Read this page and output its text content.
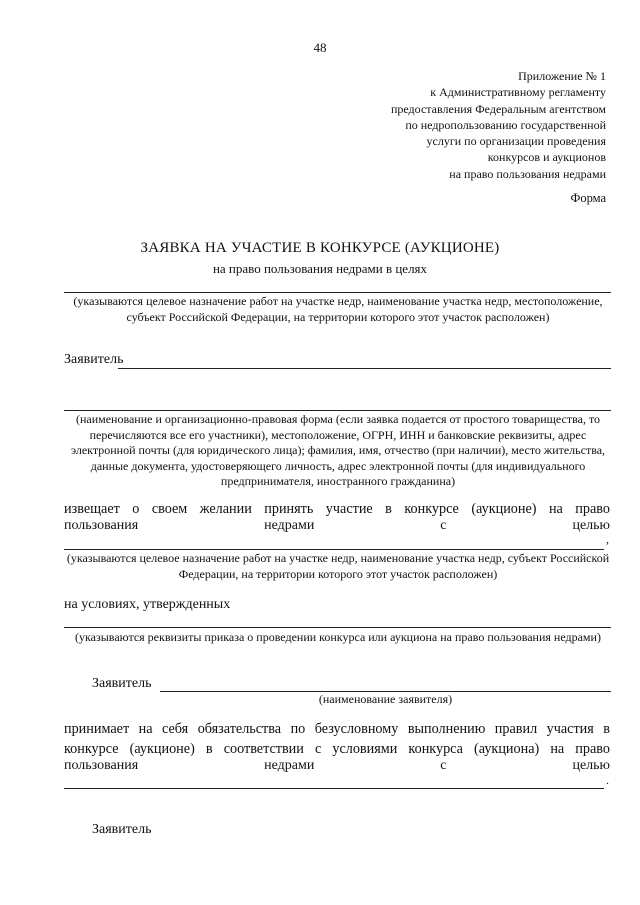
48

Приложение № 1
к Административному регламенту
предоставления Федеральным агентством
по недропользованию государственной
услуги по организации проведения
конкурсов и аукционов
на право пользования недрами

Форма

ЗАЯВКА НА УЧАСТИЕ В КОНКУРСЕ (АУКЦИОНЕ)

на право пользования недрами в целях

(указываются целевое назначение работ на участке недр, наименование участка недр, местоположение, субъект Российской Федерации, на территории которого этот участок расположен)

Заявитель

(наименование и организационно-правовая форма (если заявка подается от простого товарищества, то перечисляются все его участники), местоположение, ОГРН, ИНН и банковские реквизиты, адрес электронной почты (для юридического лица); фамилия, имя, отчество (при наличии), место жительства, данные документа, удостоверяющего личность, адрес электронной почты (для индивидуального предпринимателя, иностранного гражданина)

извещает о своем желании принять участие в конкурсе (аукционе) на право
пользования	недрами	с	целью
,

(указываются целевое назначение работ на участке недр, наименование участка недр, субъект Российской Федерации, на территории которого этот участок расположен)

на условиях, утвержденных

(указываются реквизиты приказа о проведении конкурса или аукциона на право пользования недрами)

Заявитель

(наименование заявителя)

принимает на себя обязательства по безусловному выполнению правил участия в конкурсе (аукционе) в соответствии с условиями конкурса (аукциона) на право
пользования	недрами	с	целью
.

Заявитель
